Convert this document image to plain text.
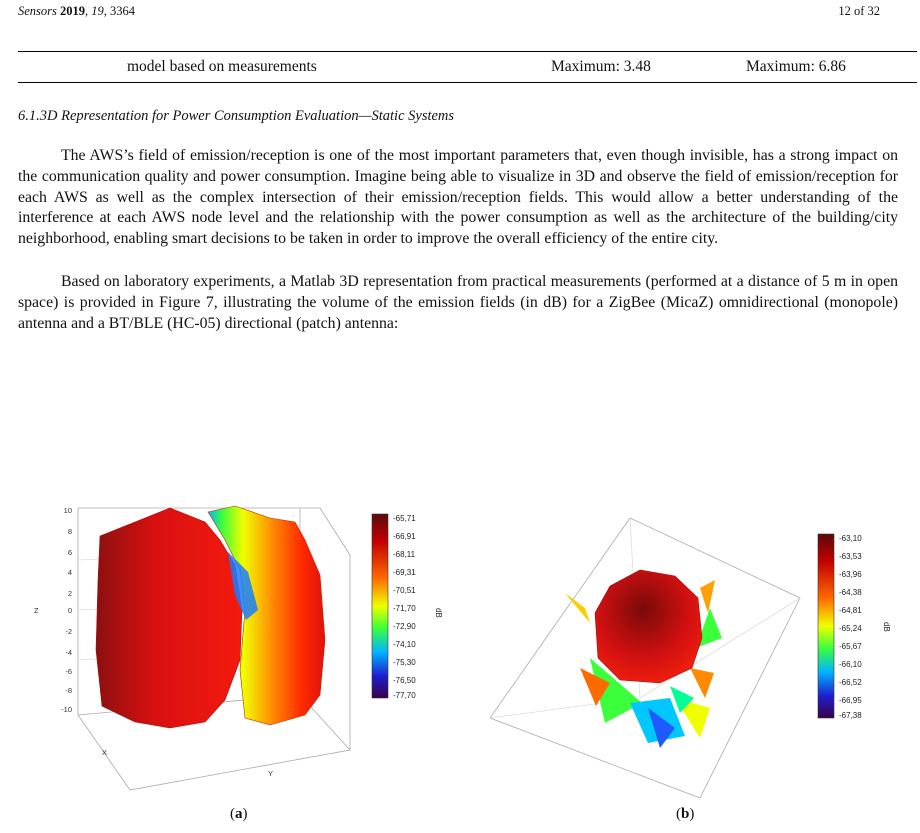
Sensors 2019, 19, 3364	12 of 32
model based on measurements	Maximum: 3.48	Maximum: 6.86
6.1.3D Representation for Power Consumption Evaluation—Static Systems

The AWS’s field of emission/reception is one of the most important parameters that, even though invisible, has a strong impact on the communication quality and power consumption. Imagine being able to visualize in 3D and observe the field of emission/reception for each AWS as well as the complex intersection of their emission/reception fields. This would allow a better understanding of the interference at each AWS node level and the relationship with the power consumption as well as the architecture of the building/city neighborhood, enabling smart decisions to be taken in order to improve the overall efficiency of the entire city.

Based on laboratory experiments, a Matlab 3D representation from practical measurements (performed at a distance of 5 m in open space) is provided in Figure 7, illustrating the volume of the emission fields (in dB) for a ZigBee (MicaZ) omnidirectional (monopole) antenna and a BT/BLE (HC-05) directional (patch) antenna:

10
8
6
4
2
0
-2
-4
-6
-8
-10
Z
X
Y
-65,71
-66,91
-68,11
-69,31
-70,51
-71,70
-72,90
-74,10
-75,30
-76,50
-77,70
dB
-63,10
-63,53
-63,96
-64,38
-64,81
-65,24
-65,67
-66,10
-66,52
-66,95
-67,38
dB
(a)	(b)
